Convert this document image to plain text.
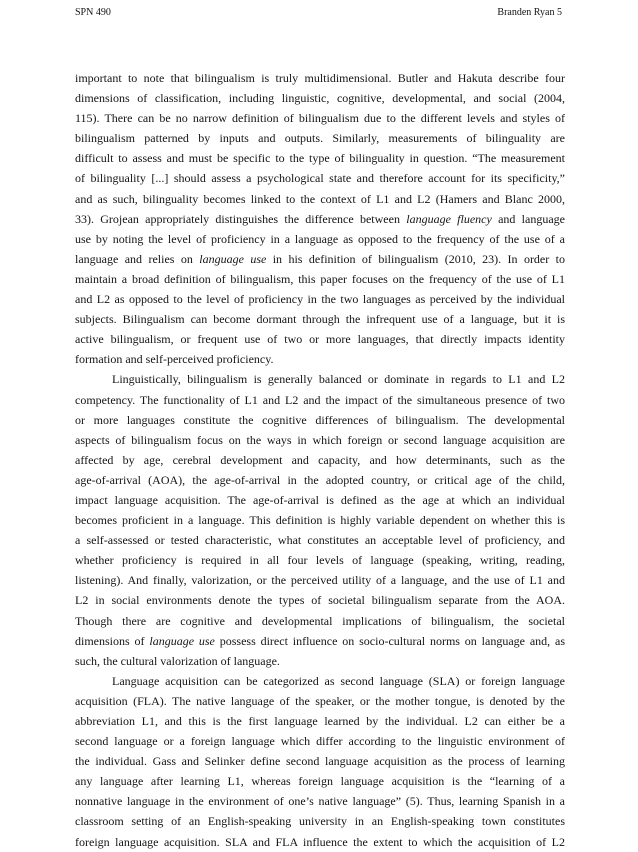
SPN 490	Branden Ryan 5
important to note that bilingualism is truly multidimensional. Butler and Hakuta describe four
dimensions of classification, including linguistic, cognitive, developmental, and social (2004,
115). There can be no narrow definition of bilingualism due to the different levels and styles of
bilingualism patterned by inputs and outputs. Similarly, measurements of bilinguality are
difficult to assess and must be specific to the type of bilinguality in question. “The measurement
of bilinguality [...] should assess a psychological state and therefore account for its specificity,”
and as such, bilinguality becomes linked to the context of L1 and L2 (Hamers and Blanc 2000,
33). Grojean appropriately distinguishes the difference between language fluency and language
use by noting the level of proficiency in a language as opposed to the frequency of the use of a
language and relies on language use in his definition of bilingualism (2010, 23). In order to
maintain a broad definition of bilingualism, this paper focuses on the frequency of the use of L1
and L2 as opposed to the level of proficiency in the two languages as perceived by the individual
subjects. Bilingualism can become dormant through the infrequent use of a language, but it is
active bilingualism, or frequent use of two or more languages, that directly impacts identity
formation and self-perceived proficiency.
Linguistically, bilingualism is generally balanced or dominate in regards to L1 and L2
competency. The functionality of L1 and L2 and the impact of the simultaneous presence of two
or more languages constitute the cognitive differences of bilingualism. The developmental
aspects of bilingualism focus on the ways in which foreign or second language acquisition are
affected by age, cerebral development and capacity, and how determinants, such as the
age-of-arrival (AOA), the age-of-arrival in the adopted country, or critical age of the child,
impact language acquisition. The age-of-arrival is defined as the age at which an individual
becomes proficient in a language. This definition is highly variable dependent on whether this is
a self-assessed or tested characteristic, what constitutes an acceptable level of proficiency, and
whether proficiency is required in all four levels of language (speaking, writing, reading,
listening). And finally, valorization, or the perceived utility of a language, and the use of L1 and
L2 in social environments denote the types of societal bilingualism separate from the AOA.
Though there are cognitive and developmental implications of bilingualism, the societal
dimensions of language use possess direct influence on socio-cultural norms on language and, as
such, the cultural valorization of language.
Language acquisition can be categorized as second language (SLA) or foreign language
acquisition (FLA). The native language of the speaker, or the mother tongue, is denoted by the
abbreviation L1, and this is the first language learned by the individual. L2 can either be a
second language or a foreign language which differ according to the linguistic environment of
the individual. Gass and Selinker define second language acquisition as the process of learning
any language after learning L1, whereas foreign language acquisition is the “learning of a
nonnative language in the environment of one’s native language” (5). Thus, learning Spanish in a
classroom setting of an English-speaking university in an English-speaking town constitutes
foreign language acquisition. SLA and FLA influence the extent to which the acquisition of L2
